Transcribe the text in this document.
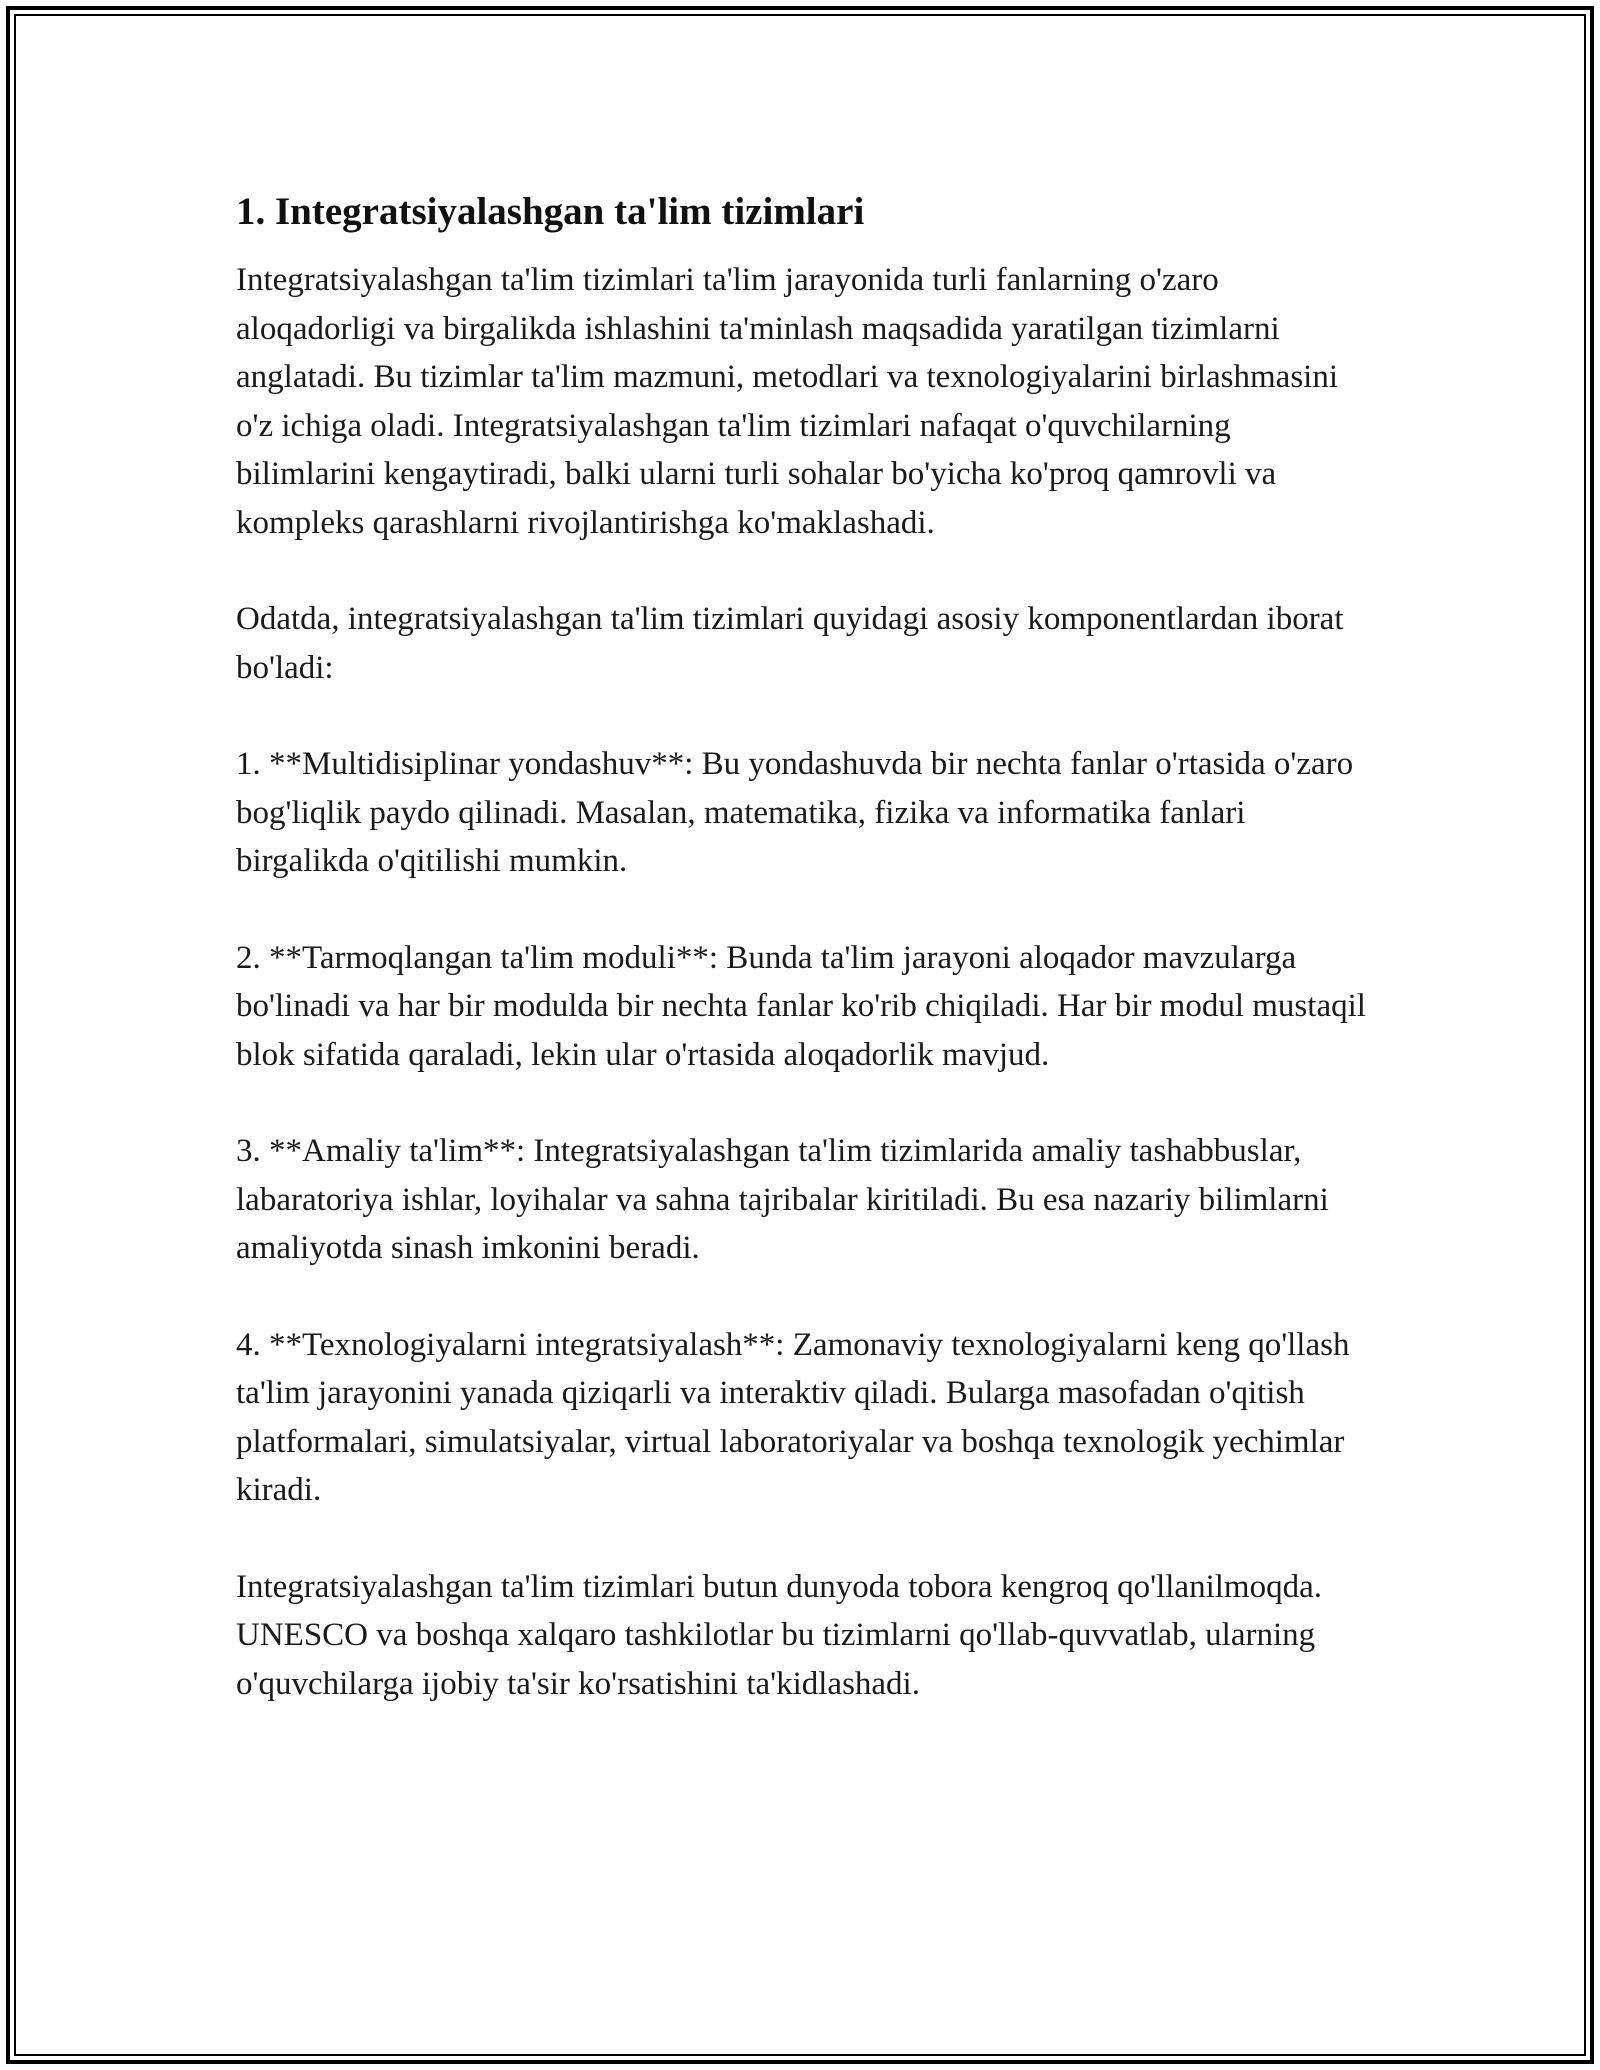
1. Integratsiyalashgan ta'lim tizimlari

Integratsiyalashgan ta'lim tizimlari ta'lim jarayonida turli fanlarning o'zaro aloqadorligi va birgalikda ishlashini ta'minlash maqsadida yaratilgan tizimlarni anglatadi. Bu tizimlar ta'lim mazmuni, metodlari va texnologiyalarini birlashmasini o'z ichiga oladi. Integratsiyalashgan ta'lim tizimlari nafaqat o'quvchilarning bilimlarini kengaytiradi, balki ularni turli sohalar bo'yicha ko'proq qamrovli va kompleks qarashlarni rivojlantirishga ko'maklashadi.

Odatda, integratsiyalashgan ta'lim tizimlari quyidagi asosiy komponentlardan iborat bo'ladi:

1. **Multidisiplinar yondashuv**: Bu yondashuvda bir nechta fanlar o'rtasida o'zaro bog'liqlik paydo qilinadi. Masalan, matematika, fizika va informatika fanlari birgalikda o'qitilishi mumkin.

2. **Tarmoqlangan ta'lim moduli**: Bunda ta'lim jarayoni aloqador mavzularga bo'linadi va har bir modulda bir nechta fanlar ko'rib chiqiladi. Har bir modul mustaqil blok sifatida qaraladi, lekin ular o'rtasida aloqadorlik mavjud.

3. **Amaliy ta'lim**: Integratsiyalashgan ta'lim tizimlarida amaliy tashabbuslar, labaratoriya ishlar, loyihalar va sahna tajribalar kiritiladi. Bu esa nazariy bilimlarni amaliyotda sinash imkonini beradi.

4. **Texnologiyalarni integratsiyalash**: Zamonaviy texnologiyalarni keng qo'llash ta'lim jarayonini yanada qiziqarli va interaktiv qiladi. Bularga masofadan o'qitish platformalari, simulatsiyalar, virtual laboratoriyalar va boshqa texnologik yechimlar kiradi.

Integratsiyalashgan ta'lim tizimlari butun dunyoda tobora kengroq qo'llanilmoqda. UNESCO va boshqa xalqaro tashkilotlar bu tizimlarni qo'llab-quvvatlab, ularning o'quvchilarga ijobiy ta'sir ko'rsatishini ta'kidlashadi.
